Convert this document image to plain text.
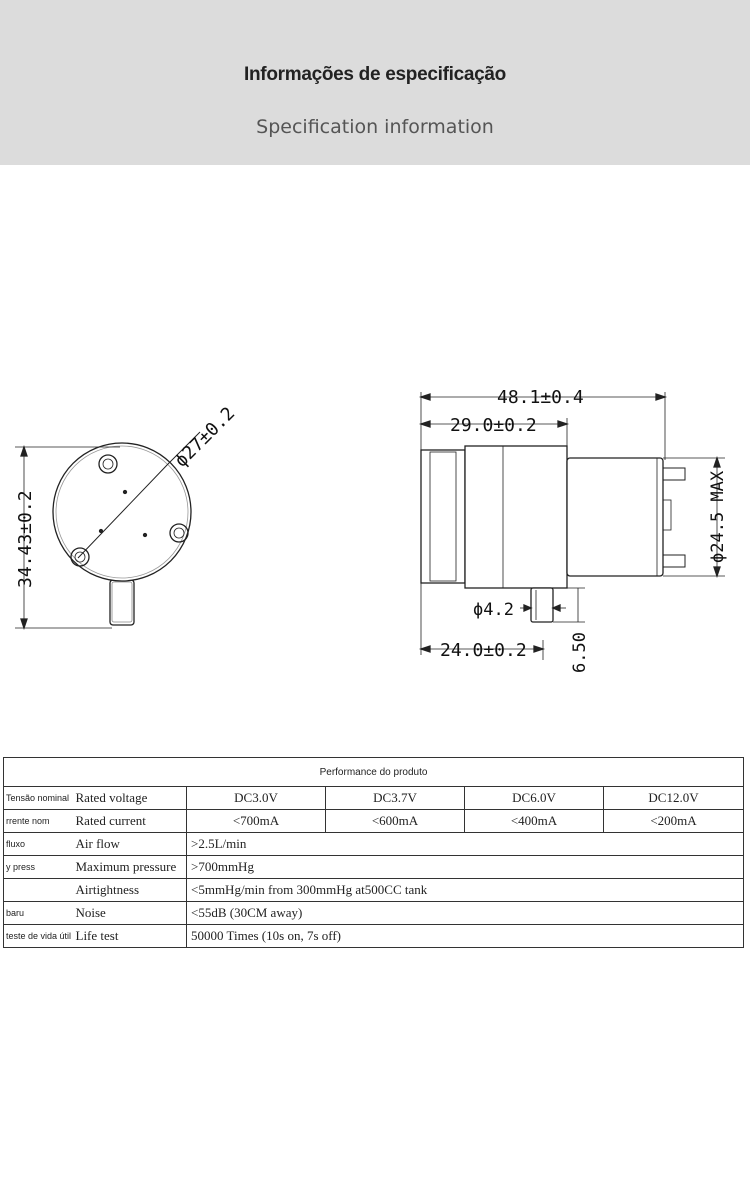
Informações de especificação
Specification information
34.43±0.2
ϕ27±0.2
48.1±0.4
29.0±0.2
ϕ4.2
24.0±0.2	6.50
ϕ24.5 MAX
Performance do produto					
Tensão nominal	Rated voltage	DC3.0V	DC3.7V	DC6.0V	DC12.0V
rrente nom	Rated current	<700mA	<600mA	<400mA	<200mA
fluxo	Air flow	>2.5L/min			
y press	Maximum pressure	>700mmHg			
	Airtightness	<5mmHg/min from 300mmHg at500CC tank			
baru	Noise	<55dB (30CM away)			
teste de vida útil	Life test	50000 Times (10s on, 7s off)			
